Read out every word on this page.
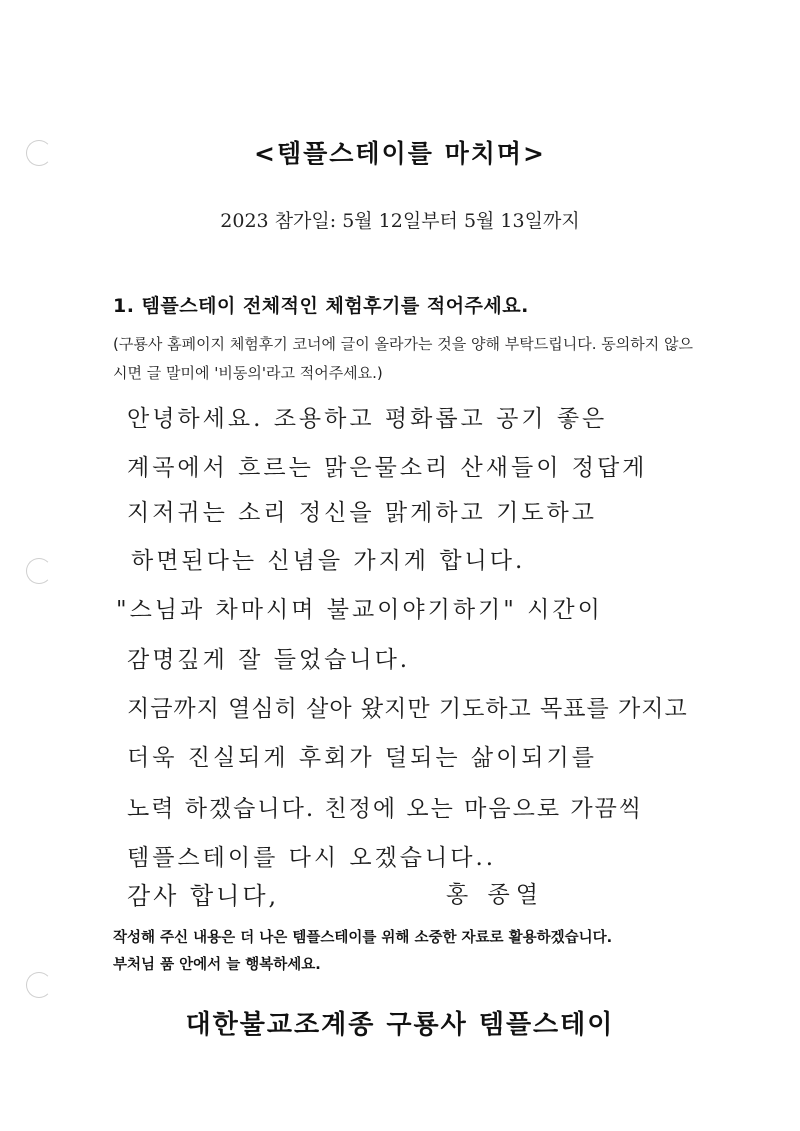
<템플스테이를 마치며>
2023 참가일: 5월 12일부터 5월 13일까지
1. 템플스테이 전체적인 체험후기를 적어주세요.
(구룡사 홈페이지 체험후기 코너에 글이 올라가는 것을 양해 부탁드립니다. 동의하지 않으시면 글 말미에 '비동의'라고 적어주세요.)
안녕하세요. 조용하고 평화롭고 공기 좋은
계곡에서 흐르는 맑은물소리 산새들이 정답게
지저귀는 소리 정신을 맑게하고 기도하고
하면된다는 신념을 가지게 합니다.
"스님과 차마시며 불교이야기하기" 시간이
감명깊게 잘 들었습니다.
지금까지 열심히 살아 왔지만 기도하고 목표를 가지고
더욱 진실되게 후회가 덜되는 삶이되기를
노력 하겠습니다. 친정에 오는 마음으로 가끔씩
템플스테이를 다시 오겠습니다..
감사 합니다,	홍 종열
작성해 주신 내용은 더 나은 템플스테이를 위해 소중한 자료로 활용하겠습니다.
부처님 품 안에서 늘 행복하세요.
대한불교조계종 구룡사 템플스테이
